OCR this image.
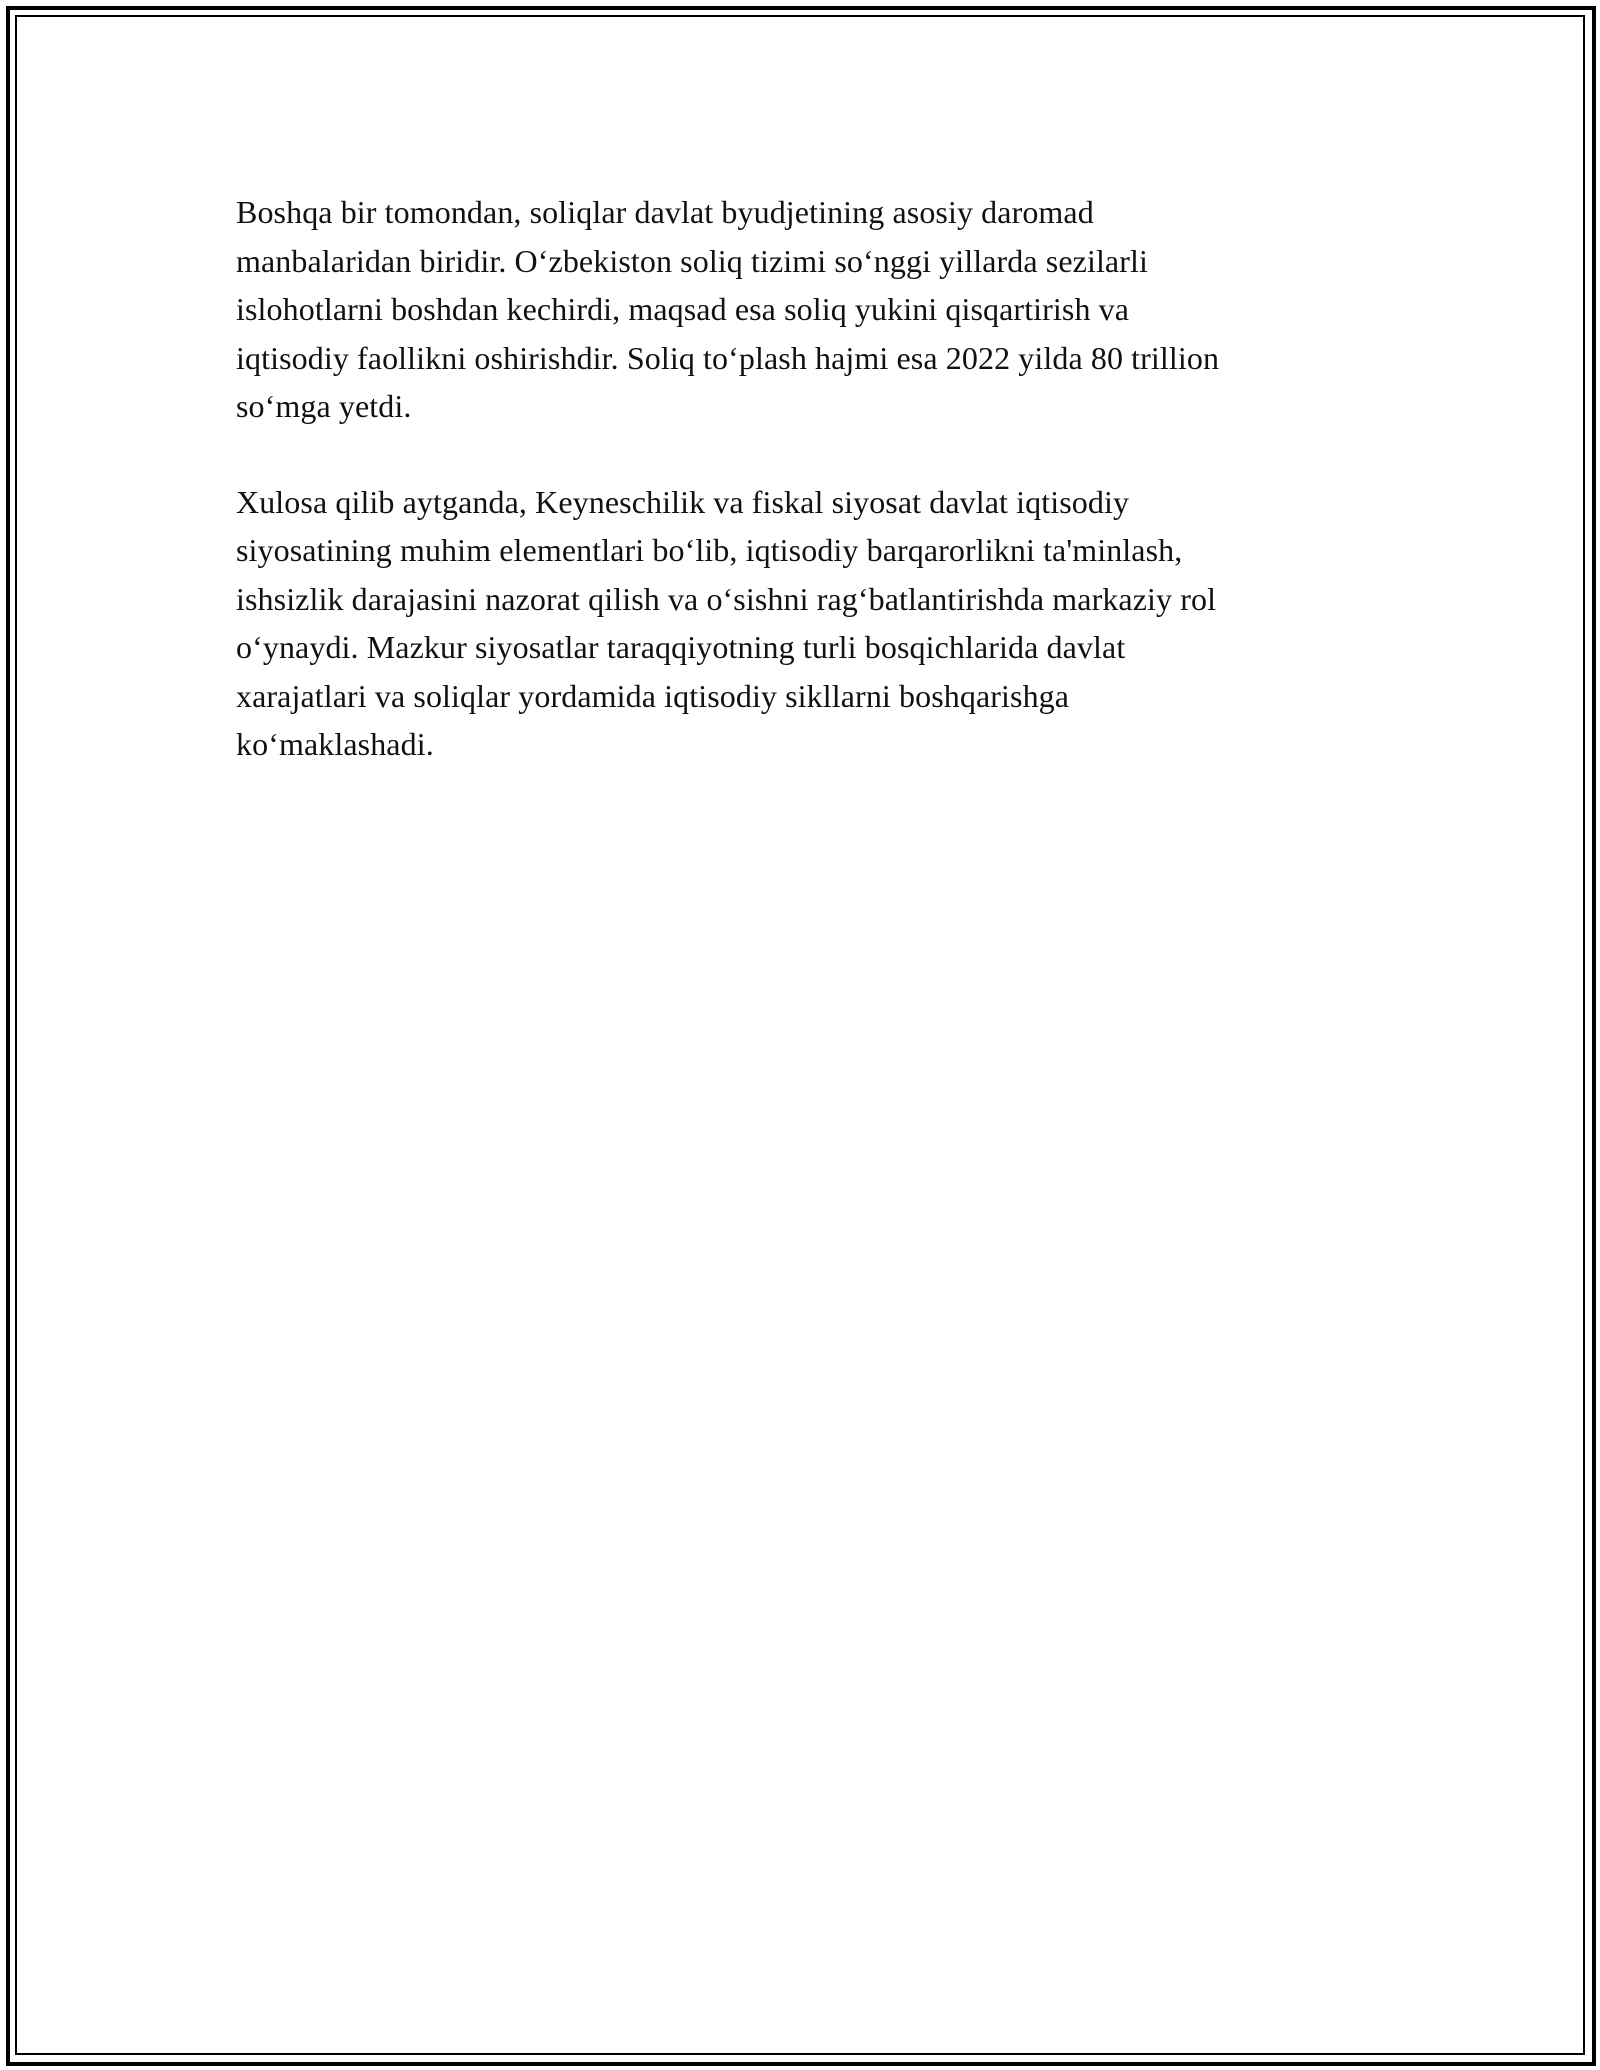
Boshqa bir tomondan, soliqlar davlat byudjetining asosiy daromad
manbalaridan biridir. O‘zbekiston soliq tizimi so‘nggi yillarda sezilarli
islohotlarni boshdan kechirdi, maqsad esa soliq yukini qisqartirish va
iqtisodiy faollikni oshirishdir. Soliq to‘plash hajmi esa 2022 yilda 80 trillion
so‘mga yetdi.

Xulosa qilib aytganda, Keyneschilik va fiskal siyosat davlat iqtisodiy
siyosatining muhim elementlari bo‘lib, iqtisodiy barqarorlikni ta'minlash,
ishsizlik darajasini nazorat qilish va o‘sishni rag‘batlantirishda markaziy rol
o‘ynaydi. Mazkur siyosatlar taraqqiyotning turli bosqichlarida davlat
xarajatlari va soliqlar yordamida iqtisodiy sikllarni boshqarishga
ko‘maklashadi.
